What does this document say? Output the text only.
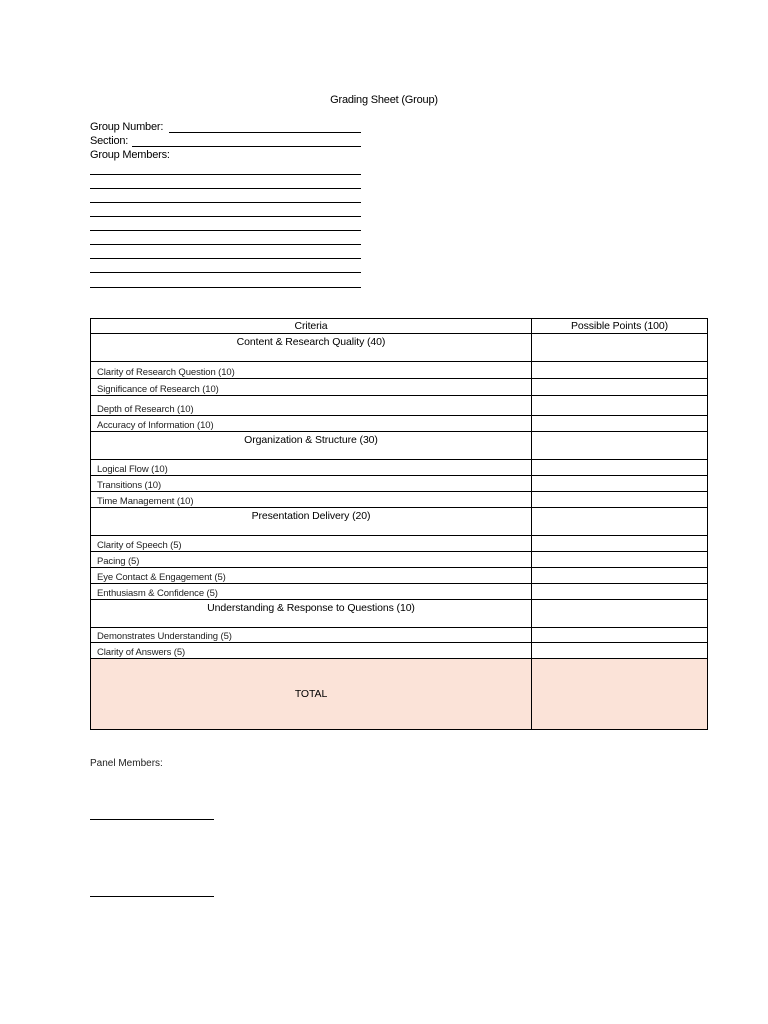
Grading Sheet (Group)
Group Number:
Section:
Group Members:
Criteria	Possible Points (100)
Content & Research Quality (40)	
Clarity of Research Question (10)	
Significance of Research (10)	
Depth of Research (10)	
Accuracy of Information (10)	
Organization & Structure (30)	
Logical Flow (10)	
Transitions (10)	
Time Management (10)	
Presentation Delivery (20)	
Clarity of Speech (5)	
Pacing (5)	
Eye Contact & Engagement (5)	
Enthusiasm & Confidence (5)	
Understanding & Response to Questions (10)	
Demonstrates Understanding (5)	
Clarity of Answers (5)	
TOTAL	
Panel Members:
